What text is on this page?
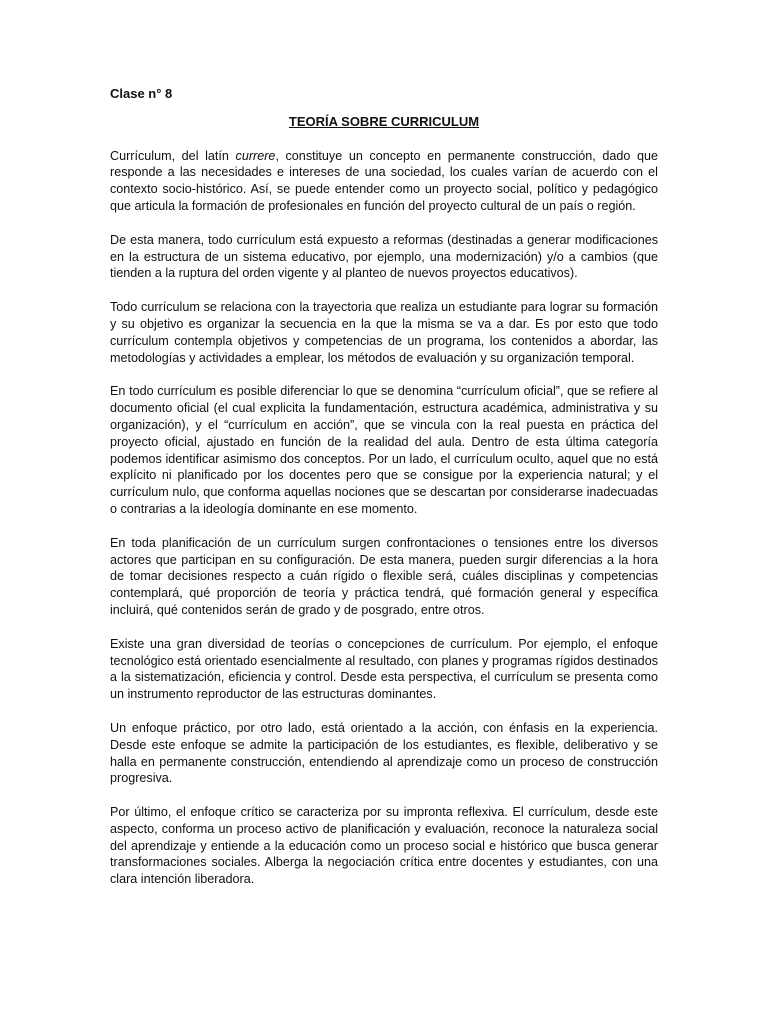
Clase n° 8
TEORÍA SOBRE CURRICULUM

Currículum, del latín currere, constituye un concepto en permanente construcción, dado que responde a las necesidades e intereses de una sociedad, los cuales varían de acuerdo con el contexto socio-histórico. Así, se puede entender como un proyecto social, político y pedagógico que articula la formación de profesionales en función del proyecto cultural de un país o región.

De esta manera, todo currículum está expuesto a reformas (destinadas a generar modificaciones en la estructura de un sistema educativo, por ejemplo, una modernización) y/o a cambios (que tienden a la ruptura del orden vigente y al planteo de nuevos proyectos educativos).

Todo currículum se relaciona con la trayectoria que realiza un estudiante para lograr su formación y su objetivo es organizar la secuencia en la que la misma se va a dar. Es por esto que todo currículum contempla objetivos y competencias de un programa, los contenidos a abordar, las metodologías y actividades a emplear, los métodos de evaluación y su organización temporal.

En todo currículum es posible diferenciar lo que se denomina “currículum oficial”, que se refiere al documento oficial (el cual explicita la fundamentación, estructura académica, administrativa y su organización), y el “currículum en acción”, que se vincula con la real puesta en práctica del proyecto oficial, ajustado en función de la realidad del aula. Dentro de esta última categoría podemos identificar asimismo dos conceptos. Por un lado, el currículum oculto, aquel que no está explícito ni planificado por los docentes pero que se consigue por la experiencia natural; y el currículum nulo, que conforma aquellas nociones que se descartan por considerarse inadecuadas o contrarias a la ideología dominante en ese momento.

En toda planificación de un currículum surgen confrontaciones o tensiones entre los diversos actores que participan en su configuración. De esta manera, pueden surgir diferencias a la hora de tomar decisiones respecto a cuán rígido o flexible será, cuáles disciplinas y competencias contemplará, qué proporción de teoría y práctica tendrá, qué formación general y específica incluirá, qué contenidos serán de grado y de posgrado, entre otros.

Existe una gran diversidad de teorías o concepciones de currículum. Por ejemplo, el enfoque tecnológico está orientado esencialmente al resultado, con planes y programas rígidos destinados a la sistematización, eficiencia y control. Desde esta perspectiva, el currículum se presenta como un instrumento reproductor de las estructuras dominantes.

Un enfoque práctico, por otro lado, está orientado a la acción, con énfasis en la experiencia. Desde este enfoque se admite la participación de los estudiantes, es flexible, deliberativo y se halla en permanente construcción, entendiendo al aprendizaje como un proceso de construcción progresiva.

Por último, el enfoque crítico se caracteriza por su impronta reflexiva. El currículum, desde este aspecto, conforma un proceso activo de planificación y evaluación, reconoce la naturaleza social del aprendizaje y entiende a la educación como un proceso social e histórico que busca generar transformaciones sociales. Alberga la negociación crítica entre docentes y estudiantes, con una clara intención liberadora.
